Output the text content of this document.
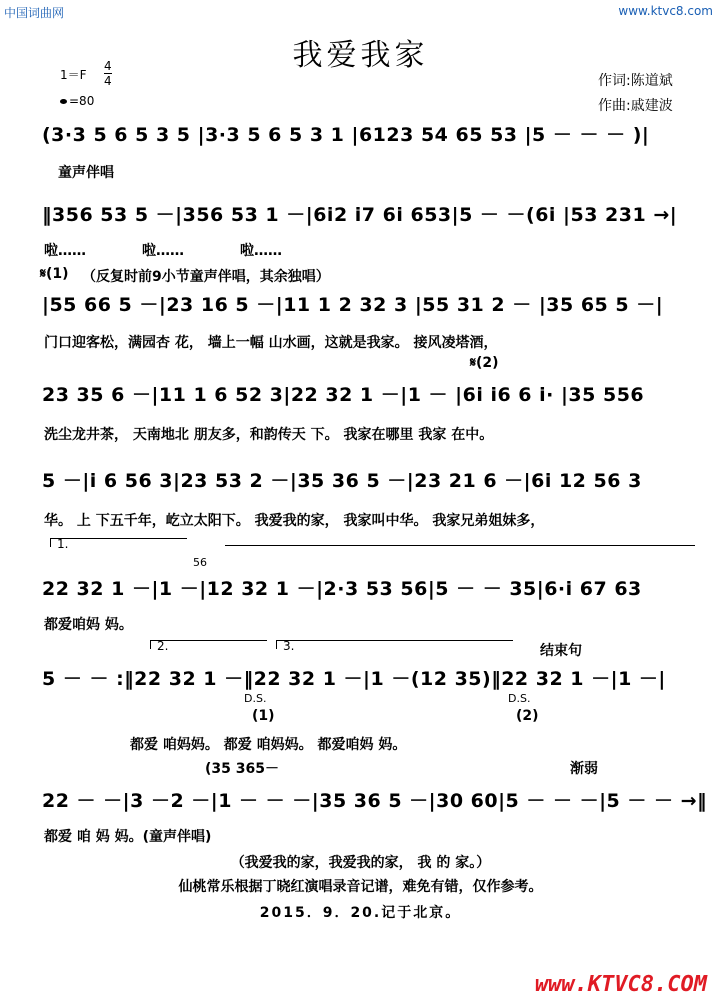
中国词曲网	www.ktvc8.com
我爱我家
作词:陈道斌
作曲:戚建波
1＝F
4
4
=80
(3·3 5 6 5 3 5 |3·3 5 6 5 3 1 |6123 54 65 53 |5 － － － )|
童声伴唱
‖356 53 5 －|356 53 1 －|6i2 i7 6i 653|5 － －(6i |53 231 →|
啦……　　　　啦……　　　　啦……
𝄋(1) （反复时前9小节童声伴唱，其余独唱）
|55 66 5 －|23 16 5 －|11 1 2 32 3 |55 31 2 － |35 65 5 －|
门口迎客松，满园杏 花， 墙上一幅 山水画，这就是我家。 接风凌塔酒，
𝄋(2)
23 35 6 －|11 1 6 52 3|22 32 1 －|1 － |6i i6 6 i· |35 556
洗尘龙井茶， 天南地北 朋友多，和韵传天 下。 我家在哪里 我家 在中。
5 －|i 6 56 3|23 53 2 －|35 36 5 －|23 21 6 －|6i 12 56 3
华。 上 下五千年，屹立太阳下。 我爱我的家， 我家叫中华。 我家兄弟姐妹多，
1.
56
22 32 1 －|1 －|12 32 1 －|2·3 53 56|5 － － 35|6·i 67 63
都爱咱妈 妈。
2.	3.	结束句
5 － － :‖22 32 1 －‖22 32 1 －|1 －(12 35)‖22 32 1 －|1 －|
D.S.
(1)
D.S.
(2)
都爱 咱妈妈。 都爱 咱妈妈。 都爱咱妈 妈。
(35 365－	渐弱
22 － －|3 －2 －|1 － － －|35 36 5 －|30 60|5 － － －|5 － － →‖
都爱 咱 妈 妈。(童声伴唱)
（我爱我的家，我爱我的家， 我 的 家。）
仙桃常乐根据丁晓红演唱录音记谱，难免有错，仅作参考。
2015．9．20.记于北京。
www.KTVC8.COM
